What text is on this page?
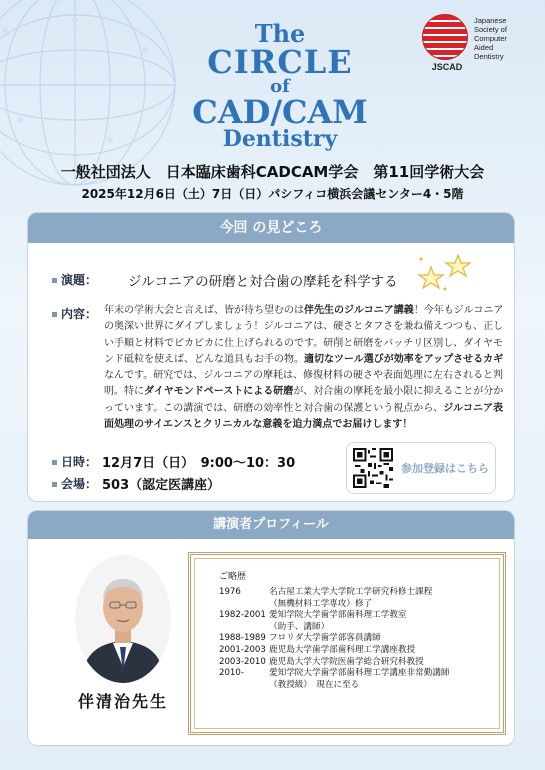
The
CIRCLE
of
CAD/CAM
Dentistry
JSCAD
Japanese
Society of
Computer
Aided
Dentistry
一般社団法人　日本臨床歯科CADCAM学会　第11回学術大会
2025年12月6日（土）7日（日）パシフィコ横浜会議センター4・5階
今回 の見どころ
演題： ジルコニアの研磨と対合歯の摩耗を科学する
内容： 年末の学術大会と言えば、皆が待ち望むのは伴先生のジルコニア講義！今年もジルコニアの奥深い世界にダイブしましょう！ジルコニアは、硬さとタフさを兼ね備えつつも、正しい手順と材料でピカピカに仕上げられるのです。研削と研磨をバッチリ区別し、ダイヤモンド砥粒を使えば、どんな道具もお手の物。適切なツール選びが効率をアップさせるカギなんです。研究では、ジルコニアの摩耗は、修復材料の硬さや表面処理に左右されると判明。特にダイヤモンドペーストによる研磨が、対合歯の摩耗を最小限に抑えることが分かっています。この講演では、研磨の効率性と対合歯の保護という視点から、ジルコニア表面処理のサイエンスとクリニカルな意義を迫力満点でお届けします！
日時： 12月7日（日）　9:00〜10：30
会場： 503（認定医講座）
参加登録はこちら
講演者プロフィール
伴清治先生
ご略歴
1976	名古屋工業大学大学院工学研究科修士課程
（無機材料工学専攻）修了
1982-2001 愛知学院大学歯学部歯科理工学教室
（助手、講師）
1988-1989 フロリダ大学歯学部客員講師
2001-2003 鹿児島大学歯学部歯科理工学講座教授
2003-2010 鹿児島大学大学院医歯学総合研究科教授
2010-	愛知学院大学歯学部歯科理工学講座非常勤講師
（教授級）　現在に至る
